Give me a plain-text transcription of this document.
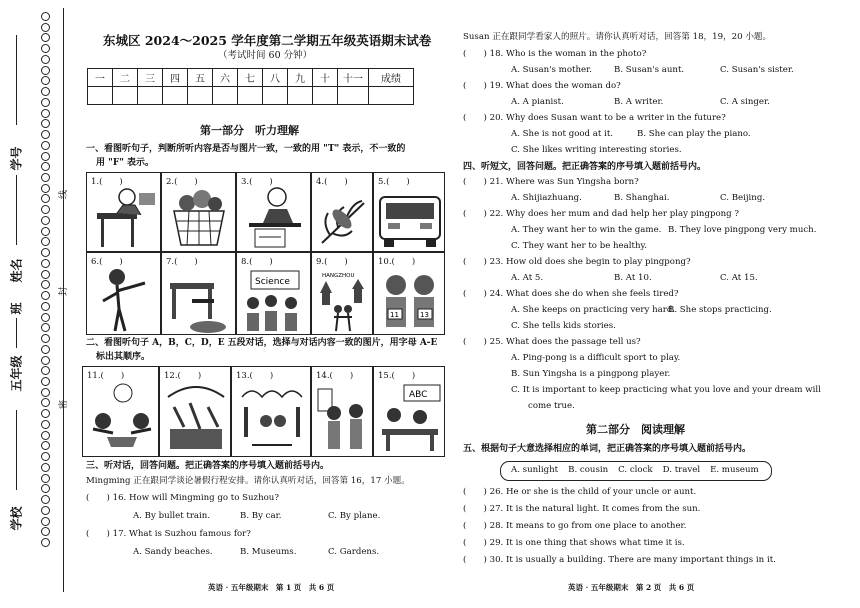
学号
线
姓名
封
班
五年级
密
学校
东城区 2024～2025 学年度第二学期五年级英语期末试卷
（考试时间 60 分钟）
一	二	三	四	五	六	七	八	九	十	十一	成绩

第一部分　听力理解
一、看图听句子，判断所听内容是否与图片一致，一致的用 "T" 表示，不一致的
用 "F" 表示。
1.(　　)	2.(　　)	3.(　　)	4.(　　)	5.(　　)
6.(　　)	7.(　　)	8.(　　)
Science
9.(　　)
HANGZHOU
10.(　　)
11	13
二、看图听句子 A，B，C，D，E 五段对话，选择与对话内容一致的图片，用字母 A-E
标出其顺序。
11.(　　)	12.(　　)	13.(　　)	14.(　　)	15.(　　)
ABC
三、听对话，回答问题。把正确答案的序号填入题前括号内。
Mingming 正在跟同学谈论暑假行程安排。请你认真听对话，回答第 16，17 小题。
(　　) 16. How will Mingming go to Suzhou?
A. By bullet train.	B. By car.	C. By plane.
(　　) 17. What is Suzhou famous for?
A. Sandy beaches.	B. Museums.	C. Gardens.
英语 · 五年级期末　第 1 页　共 6 页
Susan 正在跟同学看家人的照片。请你认真听对话，回答第 18，19，20 小题。
(　　) 18. Who is the woman in the photo?
A. Susan's mother.	B. Susan's aunt.	C. Susan's sister.
(　　) 19. What does the woman do?
A. A pianist.	B. A writer.	C. A singer.
(　　) 20. Why does Susan want to be a writer in the future?
A. She is not good at it.	B. She can play the piano.
C. She likes writing interesting stories.
四、听短文，回答问题。把正确答案的序号填入题前括号内。
(　　) 21. Where was Sun Yingsha born?
A. Shijiazhuang.	B. Shanghai.	C. Beijing.
(　　) 22. Why does her mum and dad help her play pingpong ?
A. They want her to win the game. B. They love pingpong very much.
C. They want her to be healthy.
(　　) 23. How old does she begin to play pingpong?
A. At 5.	B. At 10.	C. At 15.
(　　) 24. What does she do when she feels tired?
A. She keeps on practicing very hard.
B. She stops practicing.
C. She tells kids stories.
(　　) 25. What does the passage tell us?
A. Ping-pong is a difficult sport to play.
B. Sun Yingsha is a pingpong player.
C. It is important to keep practicing what you love and your dream will
come true.
第二部分　阅读理解
五、根据句子大意选择相应的单词，把正确答案的序号填入题前括号内。
A. sunlight B. cousin C. clock D. travel E. museum
(　　) 26. He or she is the child of your uncle or aunt.
(　　) 27. It is the natural light. It comes from the sun.
(　　) 28. It means to go from one place to another.
(　　) 29. It is one thing that shows what time it is.
(　　) 30. It is usually a building. There are many important things in it.
英语 · 五年级期末　第 2 页　共 6 页
